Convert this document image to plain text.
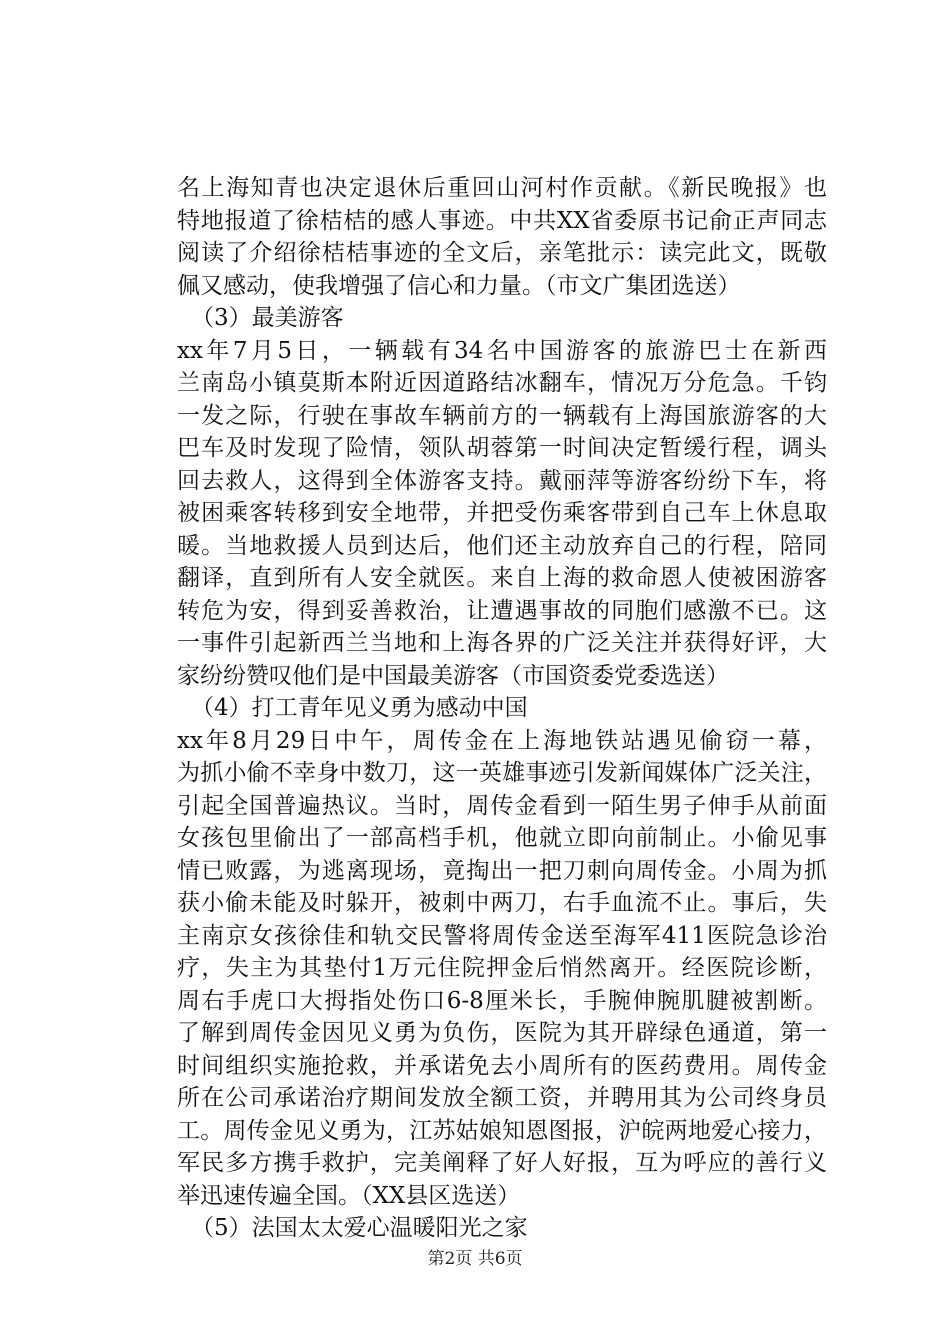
名上海知青也决定退休后重回山河村作贡献。《新民晚报》也
特地报道了徐桔桔的感人事迹。中共XX省委原书记俞正声同志
阅读了介绍徐桔桔事迹的全文后，亲笔批示：读完此文，既敬
佩又感动，使我增强了信心和力量。（市文广集团选送）
（3）最美游客
xx年7月5日，一辆载有34名中国游客的旅游巴士在新西
兰南岛小镇莫斯本附近因道路结冰翻车，情况万分危急。千钧
一发之际，行驶在事故车辆前方的一辆载有上海国旅游客的大
巴车及时发现了险情，领队胡蓉第一时间决定暂缓行程，调头
回去救人，这得到全体游客支持。戴丽萍等游客纷纷下车，将
被困乘客转移到安全地带，并把受伤乘客带到自己车上休息取
暖。当地救援人员到达后，他们还主动放弃自己的行程，陪同
翻译，直到所有人安全就医。来自上海的救命恩人使被困游客
转危为安，得到妥善救治，让遭遇事故的同胞们感激不已。这
一事件引起新西兰当地和上海各界的广泛关注并获得好评，大
家纷纷赞叹他们是中国最美游客（市国资委党委选送）
（4）打工青年见义勇为感动中国
xx年8月29日中午，周传金在上海地铁站遇见偷窃一幕，
为抓小偷不幸身中数刀，这一英雄事迹引发新闻媒体广泛关注，
引起全国普遍热议。当时，周传金看到一陌生男子伸手从前面
女孩包里偷出了一部高档手机，他就立即向前制止。小偷见事
情已败露，为逃离现场，竟掏出一把刀刺向周传金。小周为抓
获小偷未能及时躲开，被刺中两刀，右手血流不止。事后，失
主南京女孩徐佳和轨交民警将周传金送至海军411医院急诊治
疗，失主为其垫付1万元住院押金后悄然离开。经医院诊断，
周右手虎口大拇指处伤口6-8厘米长，手腕伸腕肌腱被割断。
了解到周传金因见义勇为负伤，医院为其开辟绿色通道，第一
时间组织实施抢救，并承诺免去小周所有的医药费用。周传金
所在公司承诺治疗期间发放全额工资，并聘用其为公司终身员
工。周传金见义勇为，江苏姑娘知恩图报，沪皖两地爱心接力，
军民多方携手救护，完美阐释了好人好报，互为呼应的善行义
举迅速传遍全国。（XX县区选送）
（5）法国太太爱心温暖阳光之家
第2页 共6页
